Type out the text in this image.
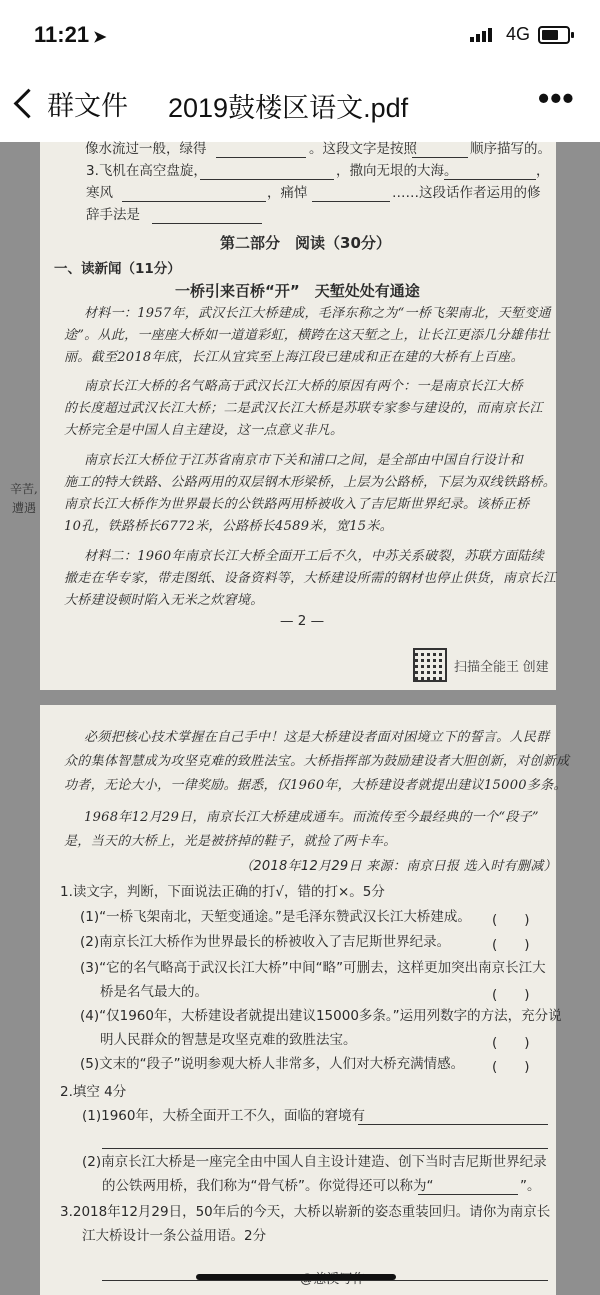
11:21 ➤	4G
群文件 2019鼓楼区语文.pdf	•••
像水流过一般，绿得	。这段文字是按照	顺序描写的。
3.飞机在高空盘旋，	，撒向无垠的大海。	，
寒风	，痛悼	……这段话作者运用的修
辞手法是
第二部分　阅读（30分）
一、读新闻（11分）
一桥引来百桥“开”　天堑处处有通途
材料一：1957年，武汉长江大桥建成，毛泽东称之为“一桥飞架南北，天堑变通
途”。从此，一座座大桥如一道道彩虹，横跨在这天堑之上，让长江更添几分雄伟壮
丽。截至2018年底，长江从宜宾至上海江段已建成和正在建的大桥有上百座。
南京长江大桥的名气略高于武汉长江大桥的原因有两个：一是南京长江大桥
的长度超过武汉长江大桥；二是武汉长江大桥是苏联专家参与建设的，而南京长江
大桥完全是中国人自主建设，这一点意义非凡。
南京长江大桥位于江苏省南京市下关和浦口之间，是全部由中国自行设计和
施工的特大铁路、公路两用的双层钢木形梁桥，上层为公路桥，下层为双线铁路桥。
南京长江大桥作为世界最长的公铁路两用桥被收入了吉尼斯世界纪录。该桥正桥
10孔，铁路桥长6772米，公路桥长4589米，宽15米。
材料二：1960年南京长江大桥全面开工后不久，中苏关系破裂，苏联方面陆续
撤走在华专家，带走图纸、设备资料等，大桥建设所需的钢材也停止供货，南京长江
大桥建设顿时陷入无米之炊窘境。
— 2 —
扫描全能王 创建
辛苦,
遭遇
必须把核心技术掌握在自己手中！这是大桥建设者面对困境立下的誓言。人民群
众的集体智慧成为攻坚克难的致胜法宝。大桥指挥部为鼓励建设者大胆创新，对创新成
功者，无论大小，一律奖励。据悉，仅1960年，大桥建设者就提出建议15000多条。
1968年12月29日，南京长江大桥建成通车。而流传至今最经典的一个“段子”
是，当天的大桥上，光是被挤掉的鞋子，就捡了两卡车。
（2018年12月29日 来源：南京日报 选入时有删减）
1.读文字，判断，下面说法正确的打√，错的打×。5分
(1)“一桥飞架南北，天堑变通途。”是毛泽东赞武汉长江大桥建成。
(2)南京长江大桥作为世界最长的桥被收入了吉尼斯世界纪录。
(3)“它的名气略高于武汉长江大桥”中间“略”可删去，这样更加突出南京长江大
桥是名气最大的。
(4)“仅1960年，大桥建设者就提出建议15000多条。”运用列数字的方法，充分说
明人民群众的智慧是攻坚克难的致胜法宝。
(5)文末的“段子”说明参观大桥人非常多，人们对大桥充满情感。
(　　)
(　　)
(　　)
(　　)
(　　)
2.填空 4分
(1)1960年，大桥全面开工不久，面临的窘境有
(2)南京长江大桥是一座完全由中国人自主设计建造、创下当时吉尼斯世界纪录
的公铁两用桥，我们称为“骨气桥”。你觉得还可以称为“	”。
3.2018年12月29日，50年后的今天，大桥以崭新的姿态重装回归。请你为南京长
江大桥设计一条公益用语。2分
